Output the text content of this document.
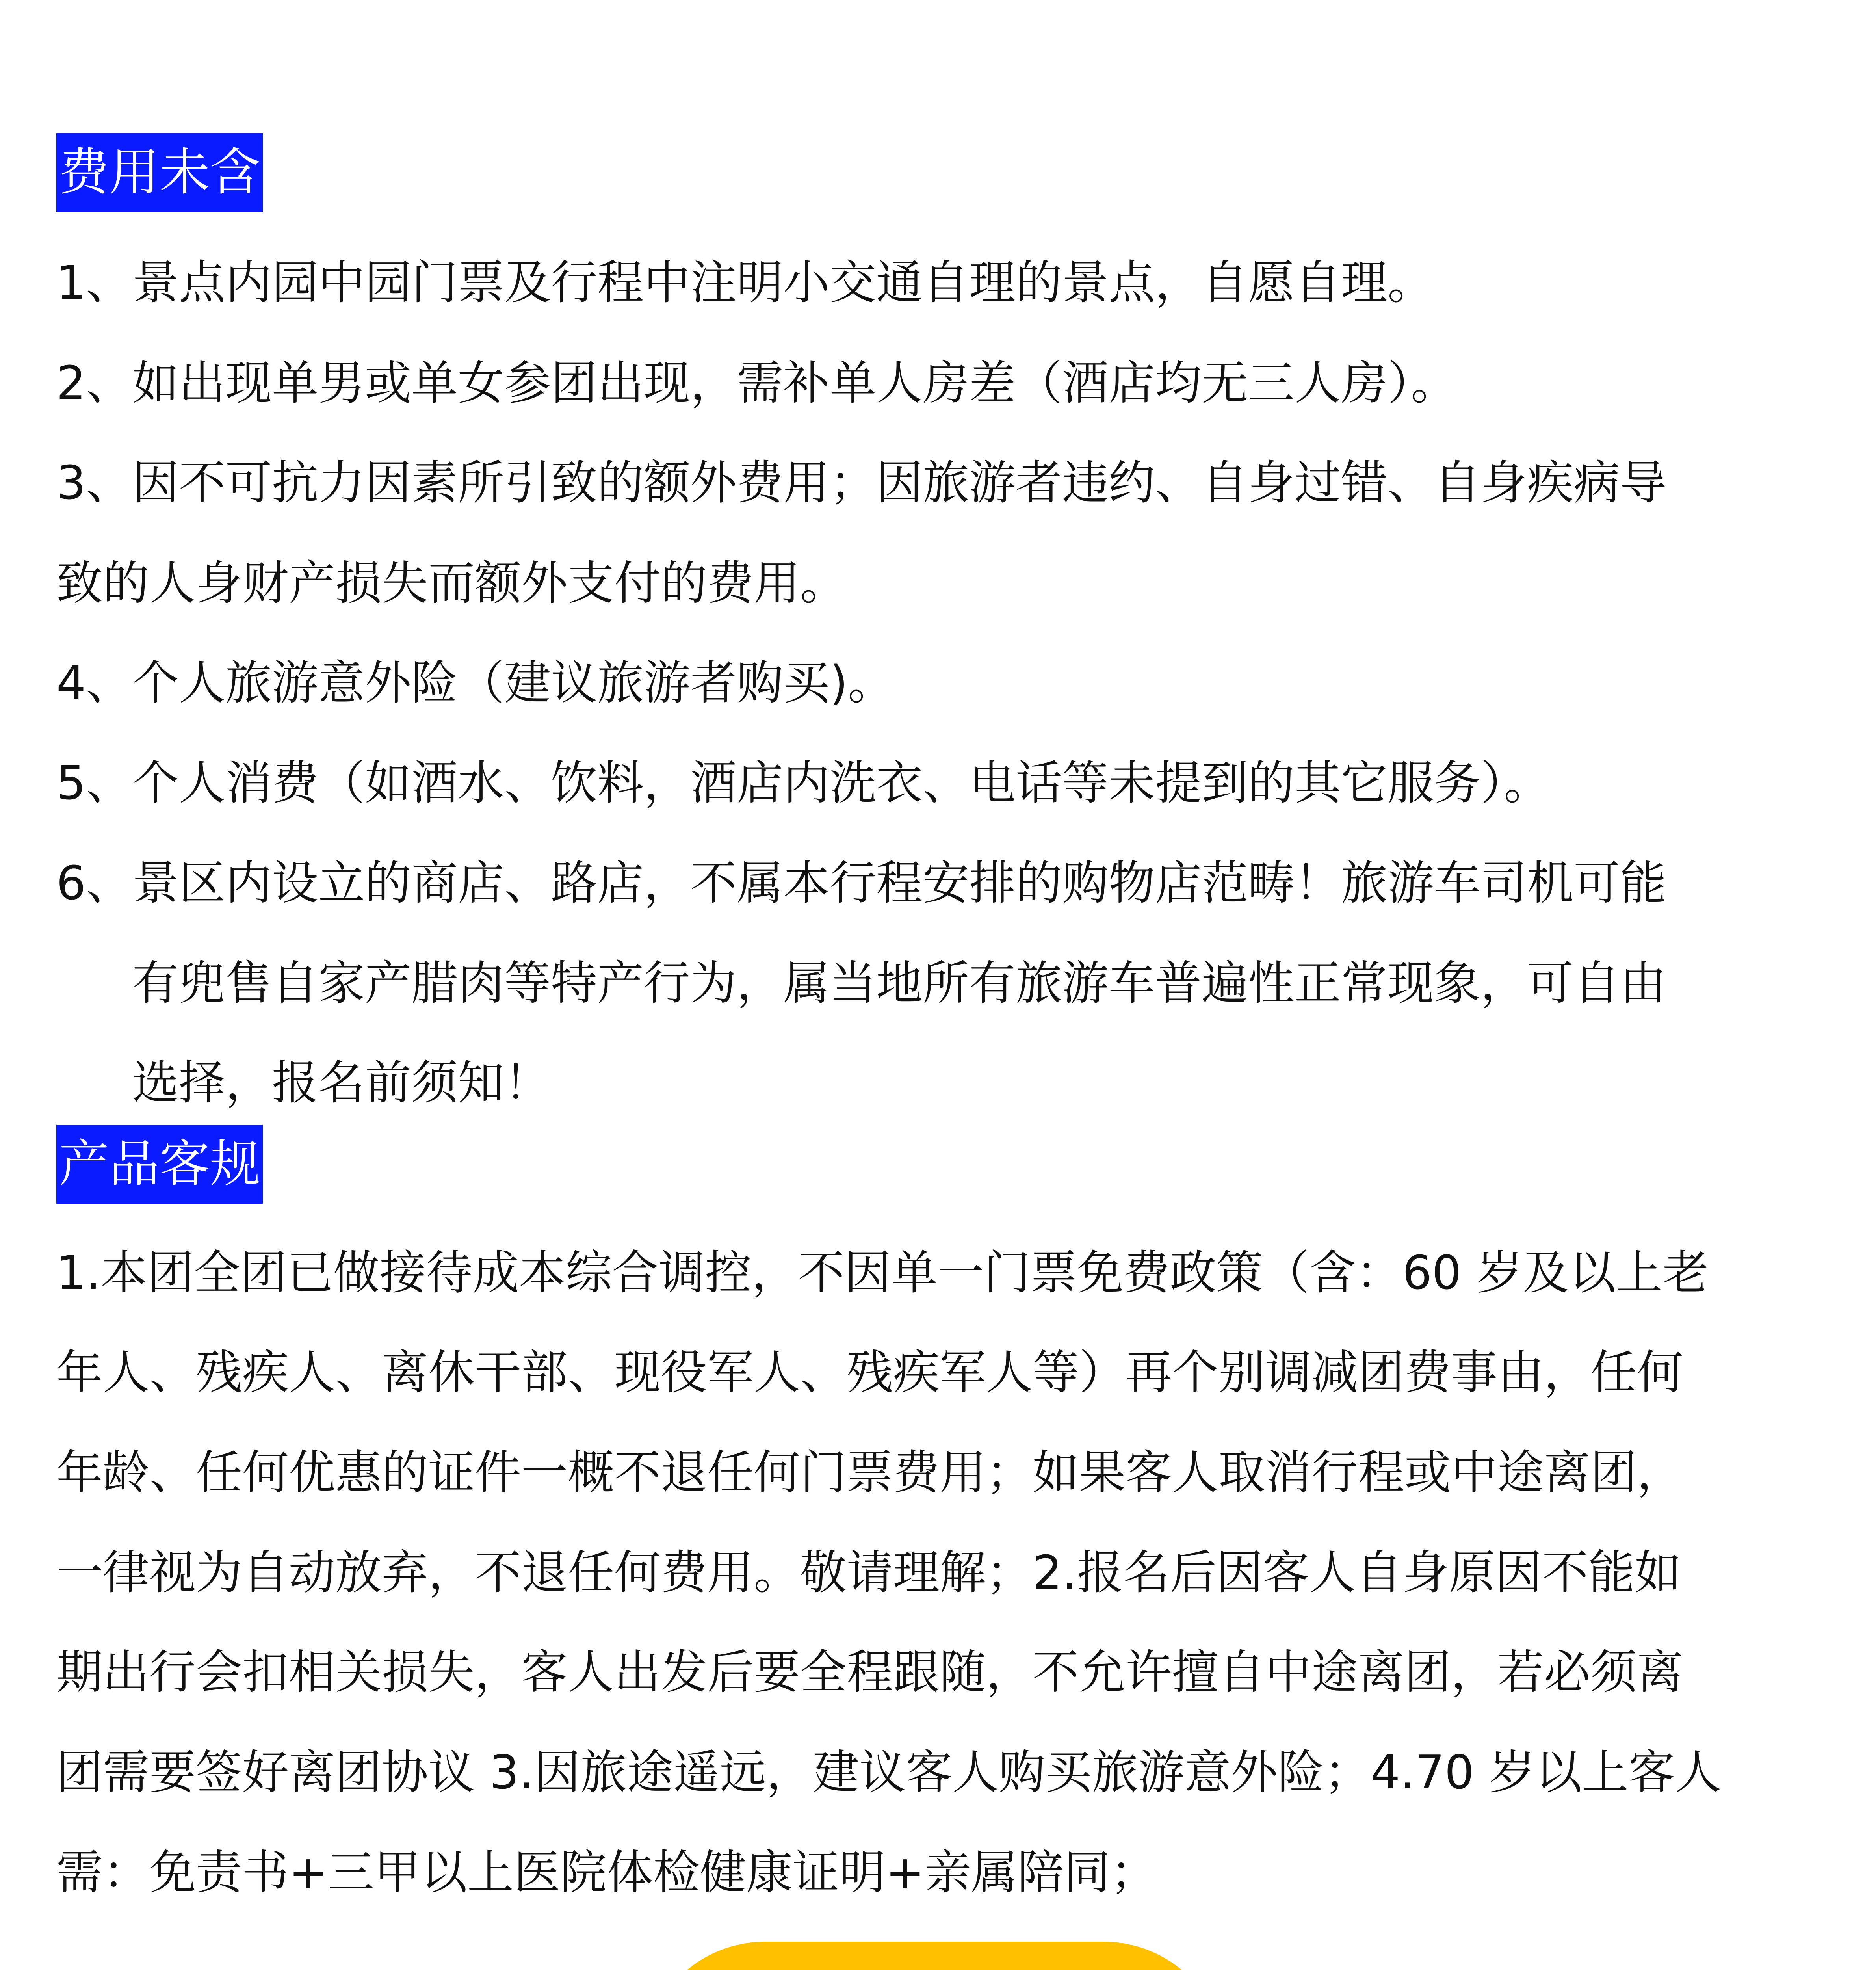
费用未含
1、景点内园中园门票及行程中注明小交通自理的景点，自愿自理。
2、如出现单男或单女参团出现，需补单人房差（酒店均无三人房）。
3、因不可抗力因素所引致的额外费用；因旅游者违约、自身过错、自身疾病导
致的人身财产损失而额外支付的费用。
4、个人旅游意外险（建议旅游者购买)。
5、个人消费（如酒水、饮料，酒店内洗衣、电话等未提到的其它服务）。
6、景区内设立的商店、路店，不属本行程安排的购物店范畴！旅游车司机可能
有兜售自家产腊肉等特产行为，属当地所有旅游车普遍性正常现象，可自由
选择，报名前须知！
产品客规
1.本团全团已做接待成本综合调控，不因单一门票免费政策（含：60 岁及以上老
年人、残疾人、离休干部、现役军人、残疾军人等）再个别调减团费事由，任何
年龄、任何优惠的证件一概不退任何门票费用；如果客人取消行程或中途离团，
一律视为自动放弃，不退任何费用。敬请理解；2.报名后因客人自身原因不能如
期出行会扣相关损失，客人出发后要全程跟随，不允许擅自中途离团，若必须离
团需要签好离团协议 3.因旅途遥远，建议客人购买旅游意外险；4.70 岁以上客人
需：免责书+三甲以上医院体检健康证明+亲属陪同；
